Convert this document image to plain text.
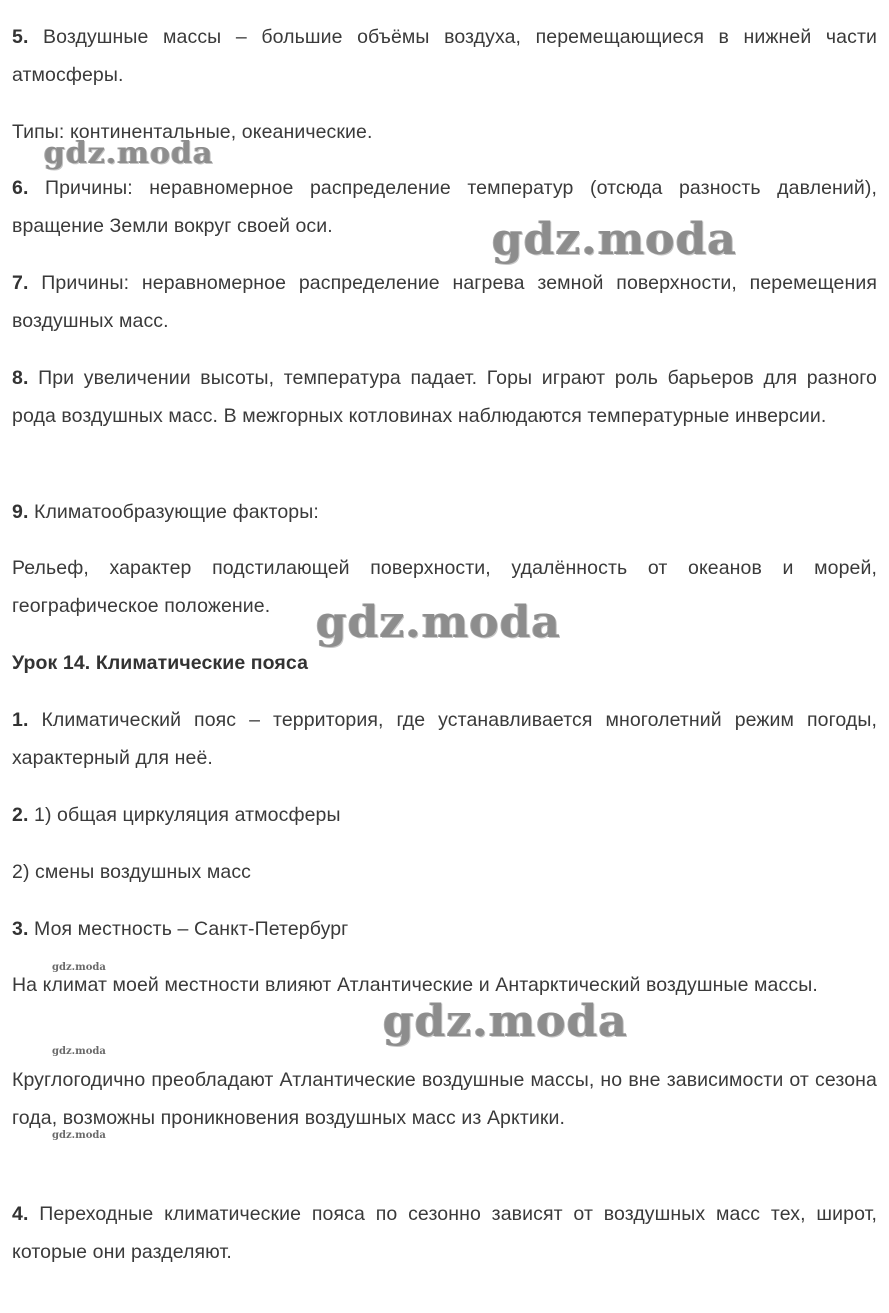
5. Воздушные массы – большие объёмы воздуха, перемещающиеся в нижней части атмосферы.

Типы: континентальные, океанические.

6. Причины: неравномерное распределение температур (отсюда разность давлений), вращение Земли вокруг своей оси.

7. Причины: неравномерное распределение нагрева земной поверхности, перемещения воздушных масс.

8. При увеличении высоты, температура падает. Горы играют роль барьеров для разного рода воздушных масс. В межгорных котловинах наблюдаются температурные инверсии.

9. Климатообразующие факторы:

Рельеф, характер подстилающей поверхности, удалённость от океанов и морей, географическое положение.

Урок 14. Климатические пояса

1. Климатический пояс – территория, где устанавливается многолетний режим погоды, характерный для неё.

2. 1) общая циркуляция атмосферы

2) смены воздушных масс

3. Моя местность – Санкт-Петербург

На климат моей местности влияют Атлантические и Антарктический воздушные массы.

Круглогодично преобладают Атлантические воздушные массы, но вне зависимости от сезона года, возможны проникновения воздушных масс из Арктики.

4. Переходные климатические пояса по сезонно зависят от воздушных масс тех, широт, которые они разделяют.

gdz.moda
gdz.moda
gdz.moda
gdz.moda
gdz.moda
gdz.moda
gdz.moda
